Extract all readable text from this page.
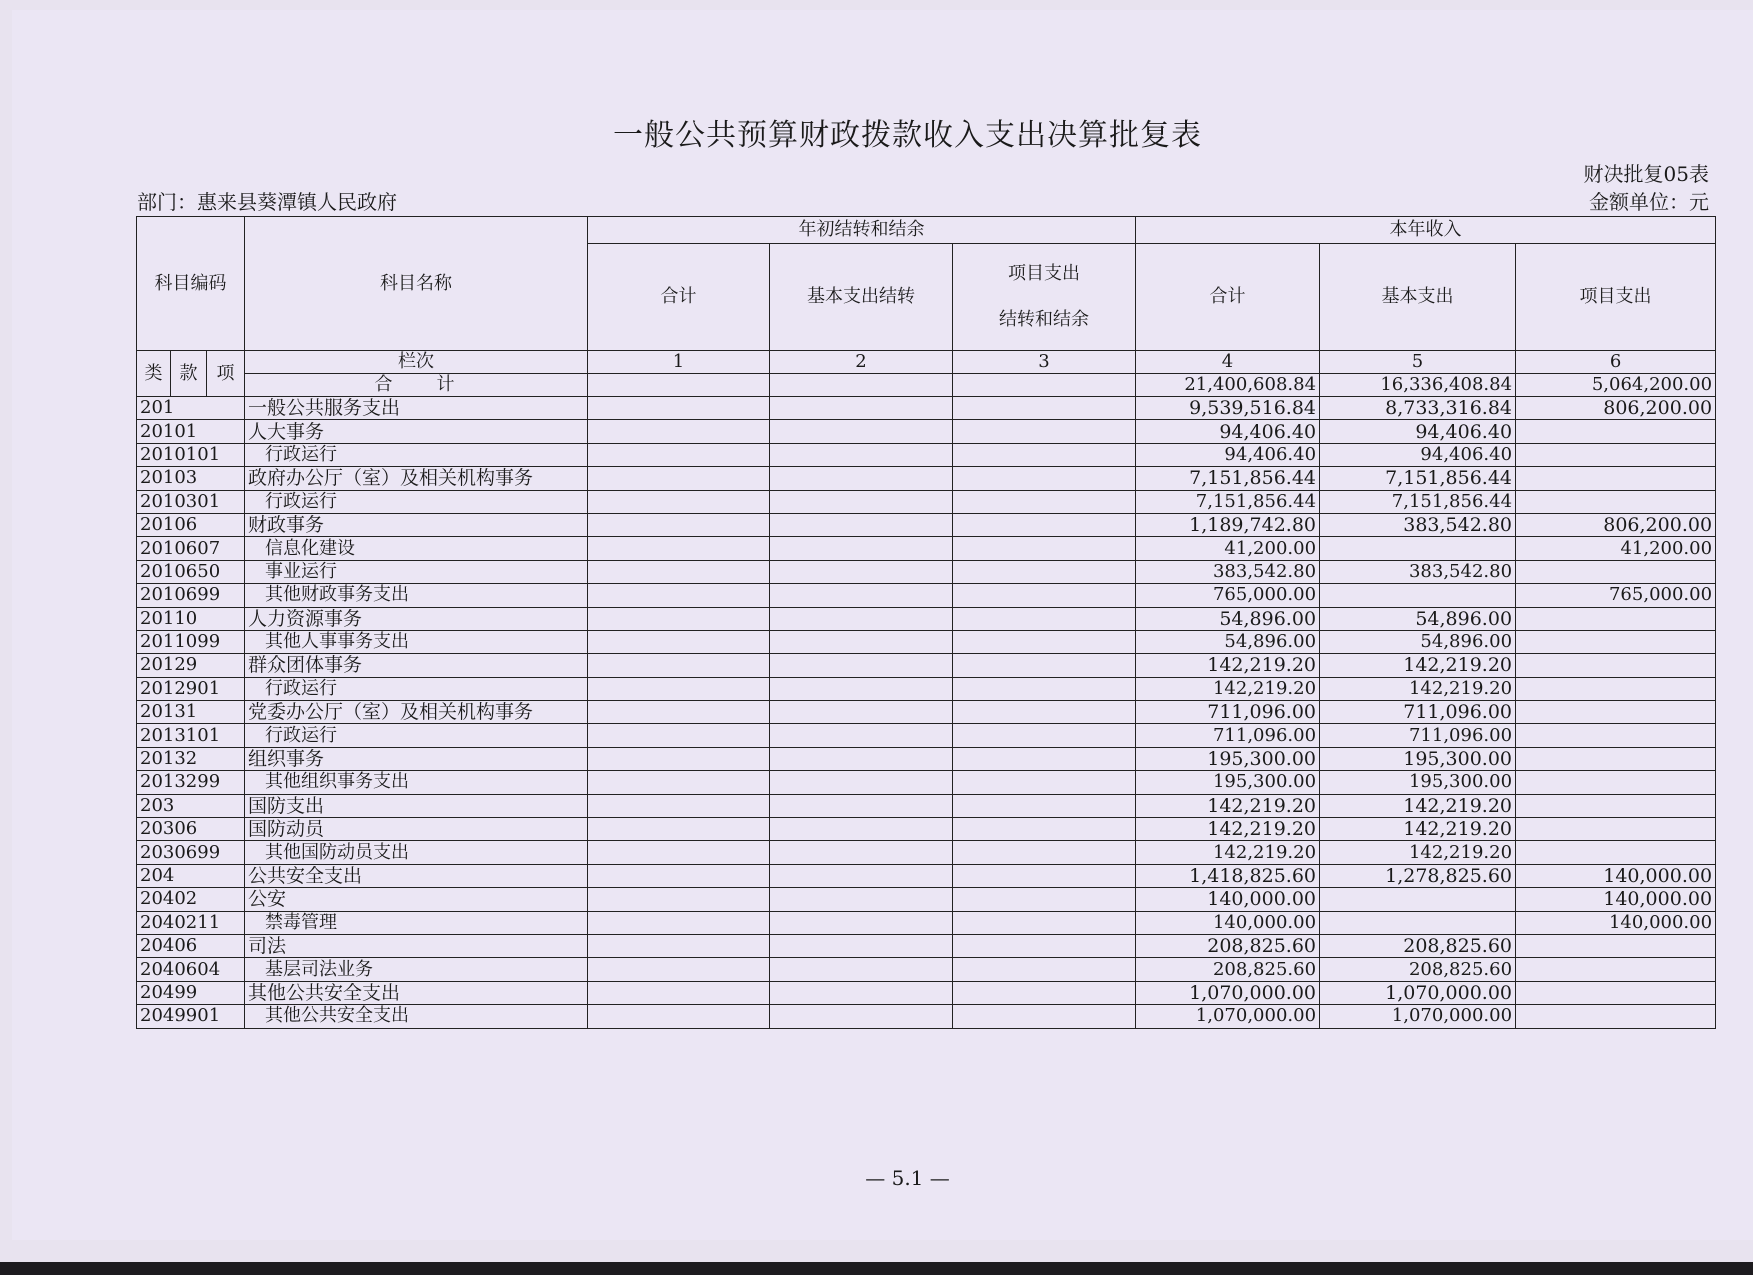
一般公共预算财政拨款收入支出决算批复表
财决批复05表
金额单位：元
部门：惠来县葵潭镇人民政府
科目编码			科目名称	年初结转和结余			本年收入		
				合计	基本支出结转	项目支出
结转和结余	合计	基本支出	项目支出
类	款	项	栏次	1	2	3	4	5	6
			合计				21,400,608.84	16,336,408.84	5,064,200.00
201			一般公共服务支出				9,539,516.84	8,733,316.84	806,200.00
20101			人大事务				94,406.40	94,406.40	
2010101			行政运行				94,406.40	94,406.40	
20103			政府办公厅（室）及相关机构事务				7,151,856.44	7,151,856.44	
2010301			行政运行				7,151,856.44	7,151,856.44	
20106			财政事务				1,189,742.80	383,542.80	806,200.00
2010607			信息化建设				41,200.00		41,200.00
2010650			事业运行				383,542.80	383,542.80	
2010699			其他财政事务支出				765,000.00		765,000.00
20110			人力资源事务				54,896.00	54,896.00	
2011099			其他人事事务支出				54,896.00	54,896.00	
20129			群众团体事务				142,219.20	142,219.20	
2012901			行政运行				142,219.20	142,219.20	
20131			党委办公厅（室）及相关机构事务				711,096.00	711,096.00	
2013101			行政运行				711,096.00	711,096.00	
20132			组织事务				195,300.00	195,300.00	
2013299			其他组织事务支出				195,300.00	195,300.00	
203			国防支出				142,219.20	142,219.20	
20306			国防动员				142,219.20	142,219.20	
2030699			其他国防动员支出				142,219.20	142,219.20	
204			公共安全支出				1,418,825.60	1,278,825.60	140,000.00
20402			公安				140,000.00		140,000.00
2040211			禁毒管理				140,000.00		140,000.00
20406			司法				208,825.60	208,825.60	
2040604			基层司法业务				208,825.60	208,825.60	
20499			其他公共安全支出				1,070,000.00	1,070,000.00	
2049901			其他公共安全支出				1,070,000.00	1,070,000.00	
— 5.1 —
